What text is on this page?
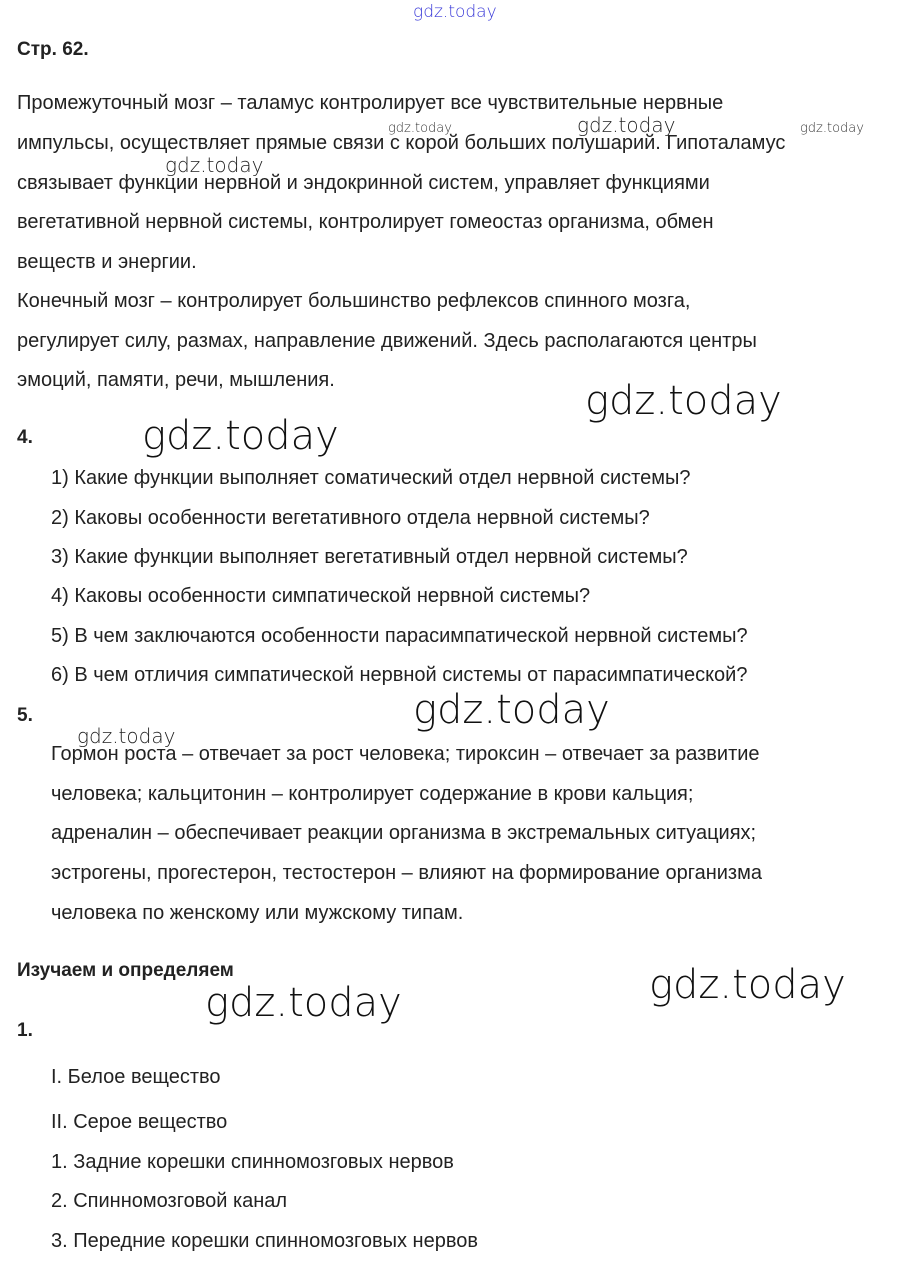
gdz.today
Стр. 62.
Промежуточный мозг – таламус контролирует все чувствительные нервные
импульсы, осуществляет прямые связи с корой больших полушарий. Гипоталамус
связывает функции нервной и эндокринной систем, управляет функциями
вегетативной нервной системы, контролирует гомеостаз организма, обмен
веществ и энергии.
Конечный мозг – контролирует большинство рефлексов спинного мозга,
регулирует силу, размах, направление движений. Здесь располагаются центры
эмоций, памяти, речи, мышления.
4.
1) Какие функции выполняет соматический отдел нервной системы?
2) Каковы особенности вегетативного отдела нервной системы?
3) Какие функции выполняет вегетативный отдел нервной системы?
4) Каковы особенности симпатической нервной системы?
5) В чем заключаются особенности парасимпатической нервной системы?
6) В чем отличия симпатической нервной системы от парасимпатической?
5.
Гормон роста – отвечает за рост человека; тироксин – отвечает за развитие
человека; кальцитонин – контролирует содержание в крови кальция;
адреналин – обеспечивает реакции организма в экстремальных ситуациях;
эстрогены, прогестерон, тестостерон – влияют на формирование организма
человека по женскому или мужскому типам.
Изучаем и определяем
1.
I. Белое вещество
II. Серое вещество
1. Задние корешки спинномозговых нервов
2. Спинномозговой канал
3. Передние корешки спинномозговых нервов
gdz.today	gdz.today	gdz.today
gdz.today
gdz.today
gdz.today
gdz.today
gdz.today
gdz.today
gdz.today
